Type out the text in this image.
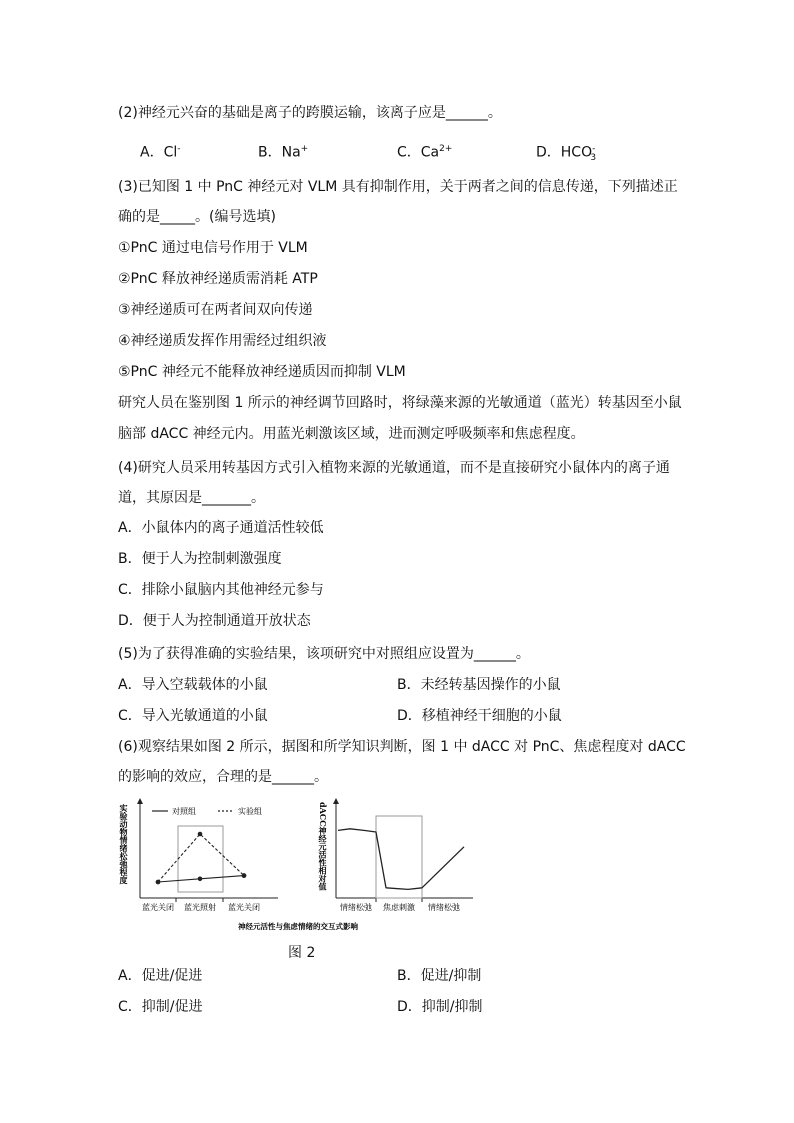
(2)神经元兴奋的基础是离子的跨膜运输，该离子应是______。
A．Cl-	B．Na+	C．$Ca^{2+}$	D．$HCO^-_3$
(3)已知图 1 中 PnC 神经元对 VLM 具有抑制作用，关于两者之间的信息传递，下列描述正
确的是_____。(编号选填)
①PnC 通过电信号作用于 VLM
②PnC 释放神经递质需消耗 ATP
③神经递质可在两者间双向传递
④神经递质发挥作用需经过组织液
⑤PnC 神经元不能释放神经递质因而抑制 VLM
研究人员在鉴别图 1 所示的神经调节回路时，将绿藻来源的光敏通道（蓝光）转基因至小鼠
脑部 dACC 神经元内。用蓝光刺激该区域，进而测定呼吸频率和焦虑程度。
(4)研究人员采用转基因方式引入植物来源的光敏通道，而不是直接研究小鼠体内的离子通
道，其原因是_______。
A．小鼠体内的离子通道活性较低
B．便于人为控制刺激强度
C．排除小鼠脑内其他神经元参与
D．便于人为控制通道开放状态
(5)为了获得准确的实验结果，该项研究中对照组应设置为______。
A．导入空载载体的小鼠	B．未经转基因操作的小鼠
C．导入光敏通道的小鼠	D．移植神经干细胞的小鼠
(6)观察结果如图 2 所示，据图和所学知识判断，图 1 中 dACC 对 PnC、焦虑程度对 dACC
的影响的效应，合理的是______。
实验动物情绪松弛程度	对照组	实验组
蓝光关闭 蓝光照射 蓝光关闭
dACC神经元活性相对值
情绪松弛 焦虑刺激 情绪松弛
神经元活性与焦虑情绪的交互式影响
图 2
A．促进/促进	B．促进/抑制
C．抑制/促进	D．抑制/抑制
